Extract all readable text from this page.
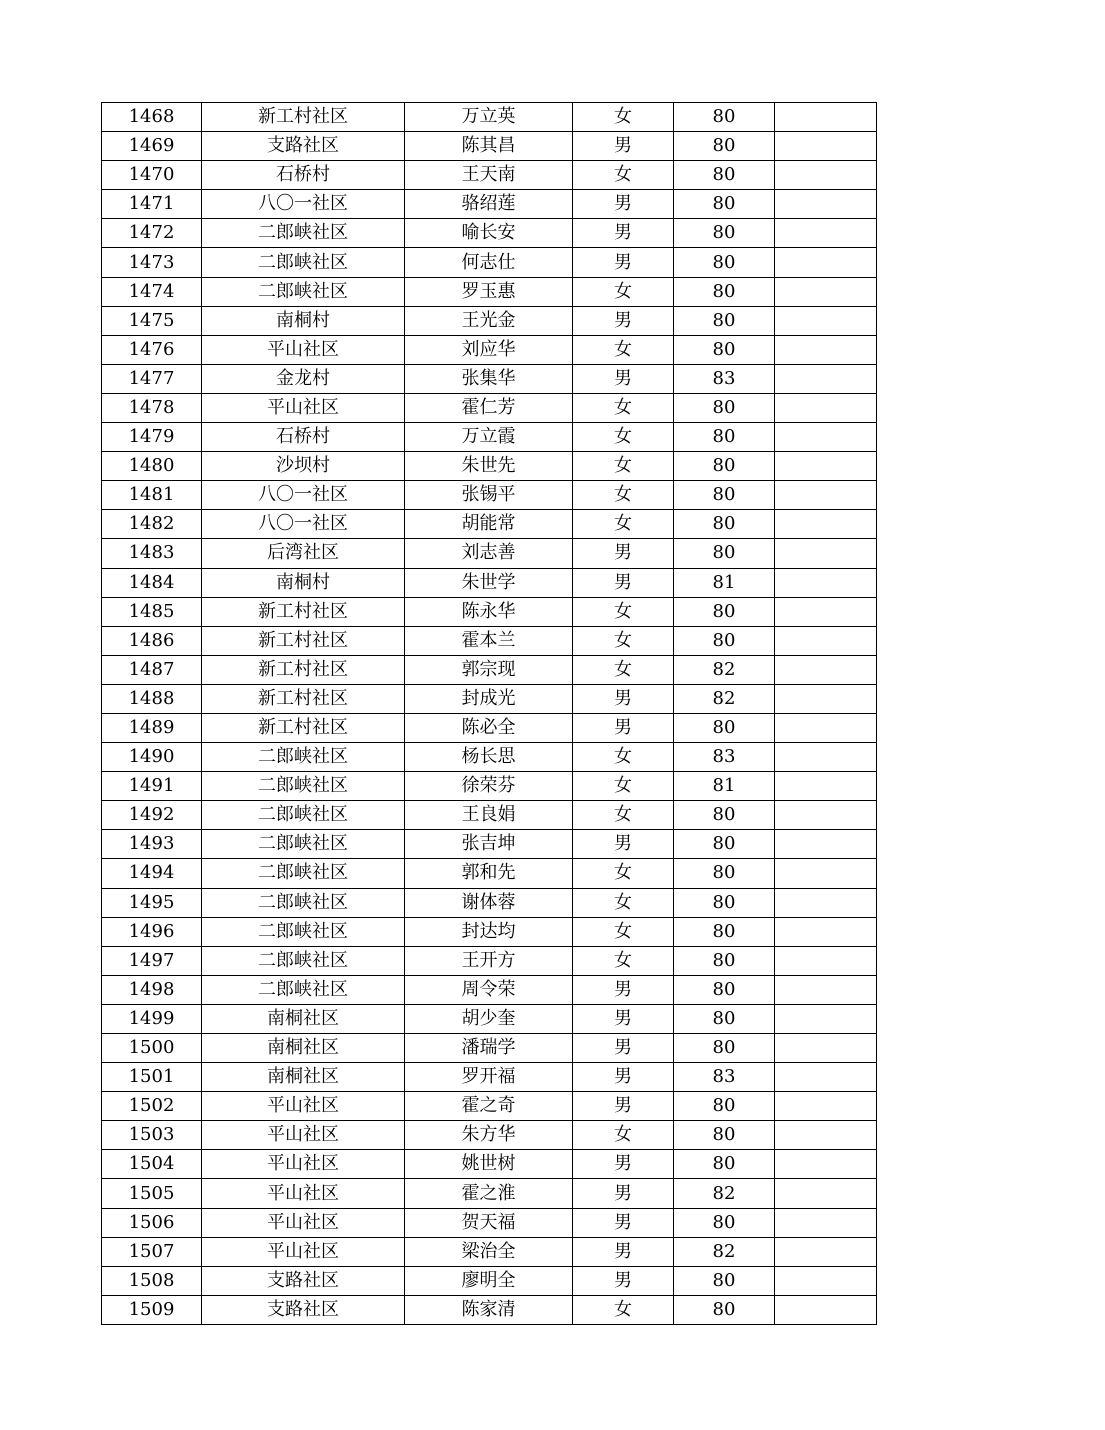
1468	新工村社区	万立英	女	80	
1469	支路社区	陈其昌	男	80	
1470	石桥村	王天南	女	80	
1471	八〇一社区	骆绍莲	男	80	
1472	二郎峡社区	喻长安	男	80	
1473	二郎峡社区	何志仕	男	80	
1474	二郎峡社区	罗玉惠	女	80	
1475	南桐村	王光金	男	80	
1476	平山社区	刘应华	女	80	
1477	金龙村	张集华	男	83	
1478	平山社区	霍仁芳	女	80	
1479	石桥村	万立霞	女	80	
1480	沙坝村	朱世先	女	80	
1481	八〇一社区	张锡平	女	80	
1482	八〇一社区	胡能常	女	80	
1483	后湾社区	刘志善	男	80	
1484	南桐村	朱世学	男	81	
1485	新工村社区	陈永华	女	80	
1486	新工村社区	霍本兰	女	80	
1487	新工村社区	郭宗现	女	82	
1488	新工村社区	封成光	男	82	
1489	新工村社区	陈必全	男	80	
1490	二郎峡社区	杨长思	女	83	
1491	二郎峡社区	徐荣芬	女	81	
1492	二郎峡社区	王良娟	女	80	
1493	二郎峡社区	张吉坤	男	80	
1494	二郎峡社区	郭和先	女	80	
1495	二郎峡社区	谢体蓉	女	80	
1496	二郎峡社区	封达均	女	80	
1497	二郎峡社区	王开方	女	80	
1498	二郎峡社区	周令荣	男	80	
1499	南桐社区	胡少奎	男	80	
1500	南桐社区	潘瑞学	男	80	
1501	南桐社区	罗开福	男	83	
1502	平山社区	霍之奇	男	80	
1503	平山社区	朱方华	女	80	
1504	平山社区	姚世树	男	80	
1505	平山社区	霍之淮	男	82	
1506	平山社区	贺天福	男	80	
1507	平山社区	梁治全	男	82	
1508	支路社区	廖明全	男	80	
1509	支路社区	陈家清	女	80	
